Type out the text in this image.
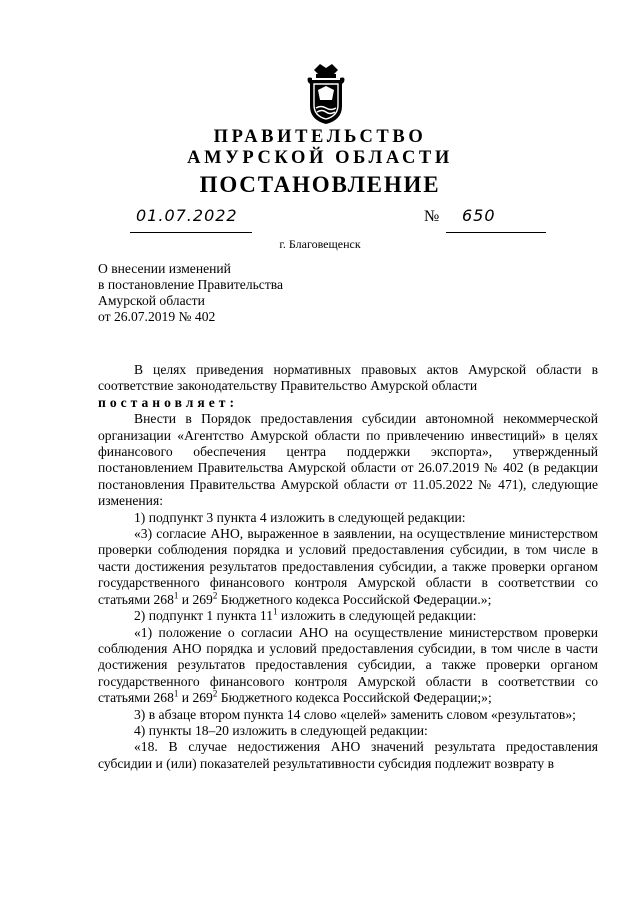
ПРАВИТЕЛЬСТВО
АМУРСКОЙ ОБЛАСТИ
ПОСТАНОВЛЕНИЕ
01.07.2022	№ 650
г. Благовещенск
О внесении изменений
в постановление Правительства
Амурской области
от 26.07.2019 № 402

В целях приведения нормативных правовых актов Амурской области в соответствие законодательству Правительство Амурской области

постановляет:

Внести в Порядок предоставления субсидии автономной некоммерческой организации «Агентство Амурской области по привлечению инвестиций» в целях финансового обеспечения центра поддержки экспорта», утвержденный постановлением Правительства Амурской области от 26.07.2019 № 402 (в редакции постановления Правительства Амурской области от 11.05.2022 № 471), следующие изменения:

1) подпункт 3 пункта 4 изложить в следующей редакции:

«3) согласие АНО, выраженное в заявлении, на осуществление министерством проверки соблюдения порядка и условий предоставления субсидии, в том числе в части достижения результатов предоставления субсидии, а также проверки органом государственного финансового контроля Амурской области в соответствии со статьями $268^1$ и $269^2$ Бюджетного кодекса Российской Федерации.»;

2) подпункт 1 пункта $11^1$ изложить в следующей редакции:

«1) положение о согласии АНО на осуществление министерством проверки соблюдения АНО порядка и условий предоставления субсидии, в том числе в части достижения результатов предоставления субсидии, а также проверки органом государственного финансового контроля Амурской области в соответствии со статьями $268^1$ и $269^2$ Бюджетного кодекса Российской Федерации;»;

3) в абзаце втором пункта 14 слово «целей» заменить словом «результатов»;

4) пункты 18–20 изложить в следующей редакции:

«18. В случае недостижения АНО значений результата предоставления субсидии и (или) показателей результативности субсидия подлежит возврату в
